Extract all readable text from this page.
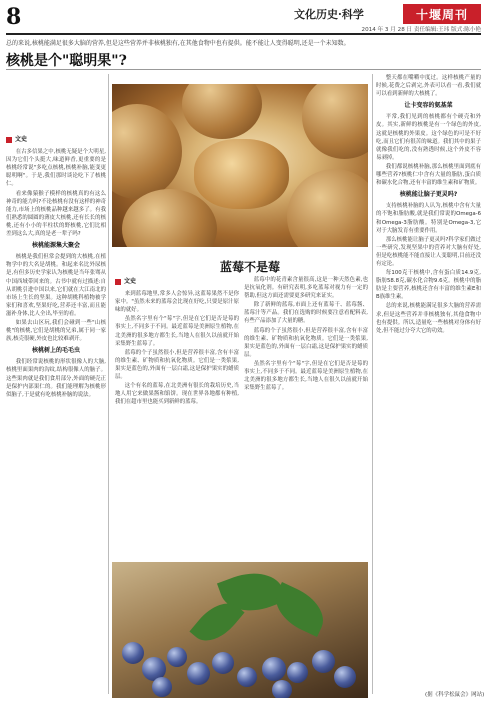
8	文化历史·科学	十堰周刊
2014 年 3 月 28 日 责任编辑:王玮 版式:陈小艳
总的来说,核桃能满足很多大脑的营养,但是这些营养并非核桃独有,在其他食物中也有提供。能不能让人变得聪明,还是一个未知数。
核桃是个"聪明果"?
文史

在古多信果之中,核桃无疑是个大明星,因为它们个头挺大,味道鲜香,更重要的是核桃经常说"多吃点核桃,核桃补脑,能变更聪明啊"。于是,我们那时谈论吃下了核桃仁。

看来像猿猴子模样的核桃真的有这么神奇的能力吗?不论核桃有没有这样的神奇能力,市场上的核桃品种越来越多了。有我们熟悉的圆圆的薄皮大核桃,还有长长的核桃,还有小小的半柱状的野核桃,它们比相差到这么大,真的是老一辈子吗?

核桃能源集大聚会

核桃是我们但常会提到的大核桃,在植物学中的大名是胡桃。和起来名比外尿核是,有但多历史学家认为核桃是当年张骞从中国西域带回来的。古书中就有过描述:自从胡桃引进中国以来,它们就在大江南北的市场上生长的坚果。这种胡桃科植物被学家们和喜欢,坚果好吃,营养还丰富,而且能滋补身体,比人全出,毕至的看。

如果去山区玩,我们会碰到一些"山核桃"的核桃,它们是胡桃的兄弟,属于同一家族,核壳很硬,外皮也比较难剥开。

核桃树上的毛毛虫

我们经常说核桃的形状很像人的大脑,核桃里面果肉的沟纹,结构很像人的脑子。这些果肉就是我们食用部分,外面的硬壳正是保护内部果仁的。我们能理解为核桃形似脑子,于是就有吃核桃补脑的说法。

蓝莓不是莓
文史

来到蓝莓地里,常多人会惊异,这蓝莓果然不是你家中。"虽然未来的蓝莓会比现在好吃,只要是原汁原味的就好。

虽然名字里有个"莓"字,但是在它们是否是莓的事实上,不同多于不同。最近蓝莓是美洲原生植物,在北美洲的很多地方都生长,当地人在很久以前就开始采集野生蓝莓了。

蓝莓的个子虽然很小,但是营养很丰富,含有丰富的维生素、矿物质和抗氧化物质。它们是一类浆果,果实是蓝色的,外面有一层白霜,这是保护果实的蜡质层。

这个有名的蓝莓,在北美洲有很长的栽培历史,当地人用它来做果酱和馅饼。现在世界各地都有种植,我们在超市里也能买到新鲜的蓝莓。

蓝莓中的花青素含量很高,这是一种天然色素,也是抗氧化剂。有研究表明,多吃蓝莓对视力有一定的帮助,但这方面还需要更多研究来证实。

除了新鲜的蓝莓,市面上还有蓝莓干、蓝莓酱、蓝莓汁等产品。我们在选购的时候要注意看配料表,有些产品添加了大量的糖。

蓝莓的个子虽然很小,但是营养很丰富,含有丰富的维生素、矿物质和抗氧化物质。它们是一类浆果,果实是蓝色的,外面有一层白霜,这是保护果实的蜡质层。

虽然名字里有个"莓"字,但是在它们是否是莓的事实上,不同多于不同。最近蓝莓是美洲原生植物,在北美洲的很多地方都生长,当地人在很久以前就开始采集野生蓝莓了。

整天都在嘴嚼中度过。这样核桃产量的时候,花费之后剥完,外表可以看一看,我们就可以看到新鲜的大核桃了。

让卡变容的氨基菜

平常,我们见到的核桃都有个硬壳和外皮。其实,新鲜的核桃是有一个绿色的外皮,这就是核桃的外果皮。这个绿色的可是不好吃,而且它们有很苦的味道。我们其中的果子就像我们吃的,没有熟透时候,这个外皮不容易剥掉。

我们都说核桃补脑,那么核桃里面到底有哪些营养?核桃仁中含有大量的脂肪,蛋白质和碳水化合物,还有丰富的维生素和矿物质。

核桃能让脑子更灵吗?

支持核桃补脑的人认为,核桃中含有大量的不饱和脂肪酸,就是我们常说的Omega-6和Omega-3脂肪酸。特别是Omega-3,它对于大脑发育有重要作用。

那么核桃能让脑子更灵吗?科学家们做过一些研究,发现坚果中的营养对大脑有好处,但是吃核桃能不能直接让人变聪明,目前还没有定论。

每100克干核桃中,含有蛋白质14.9克,脂肪58.8克,碳水化合物9.6克。核桃中的脂肪是主要营养,核桃还含有丰富的维生素E和B族维生素。

总的来说,核桃能满足很多大脑的营养需求,但是这些营养并非核桃独有,其他食物中也有提供。所以,适量吃一些核桃对身体有好处,但不能过分夸大它的功效。

(据《科学松鼠会》网站)
